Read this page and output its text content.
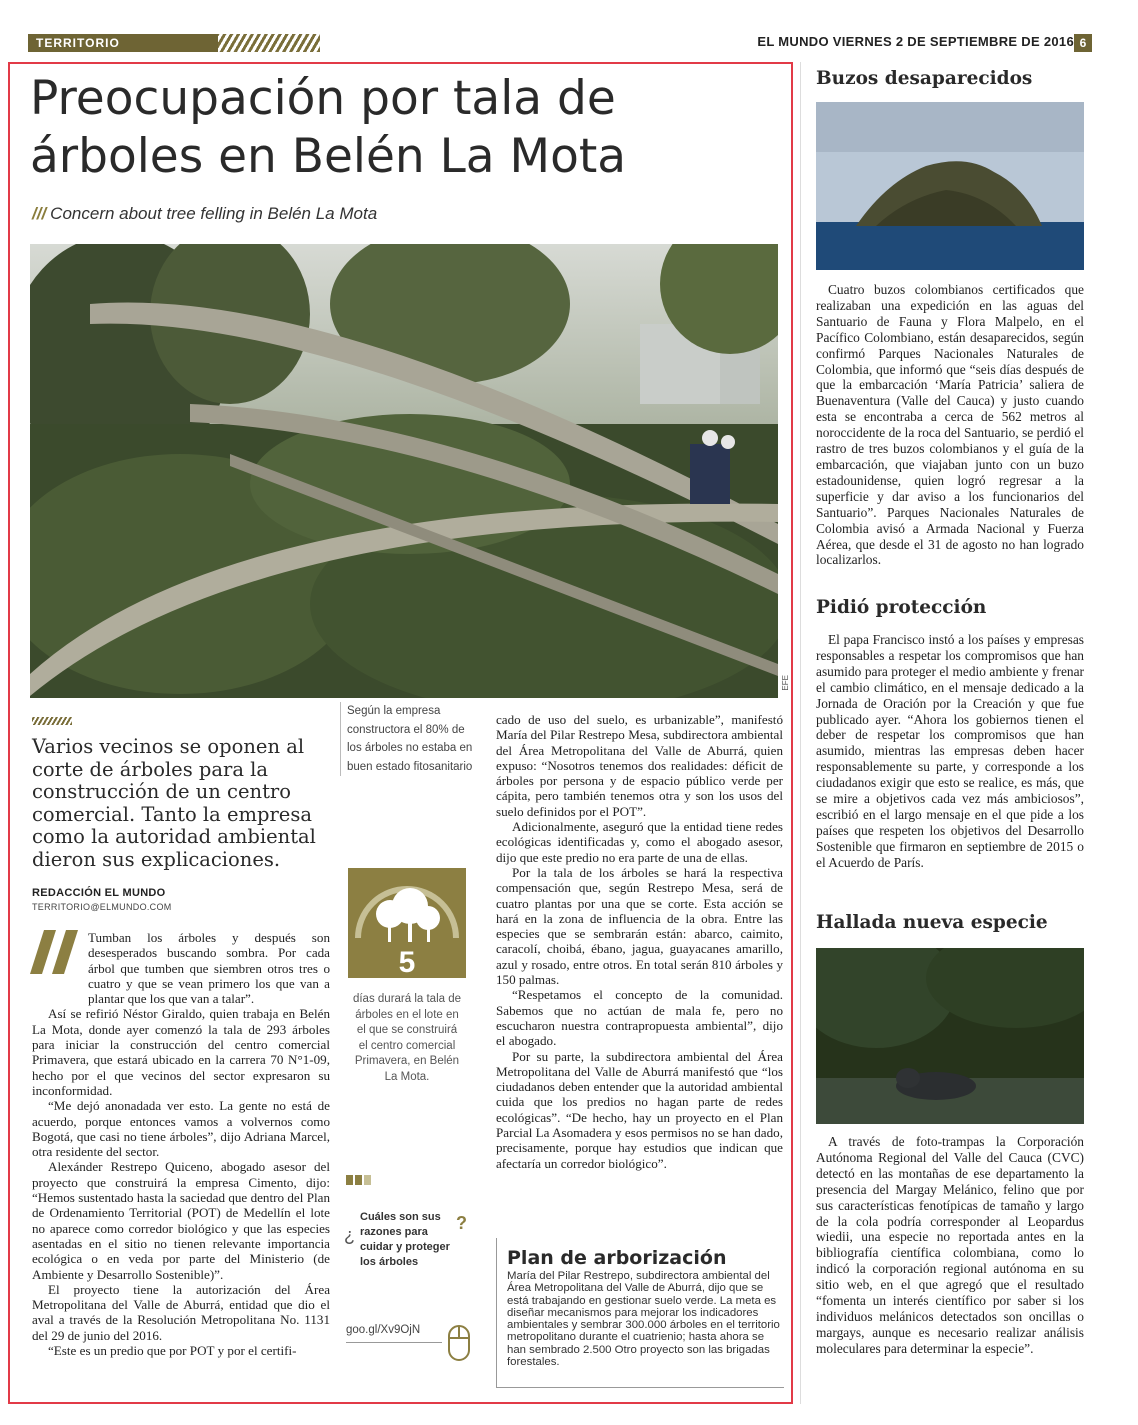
TERRITORIO	EL MUNDO VIERNES 2 DE SEPTIEMBRE DE 2016 6
Preocupación por tala de árboles en Belén La Mota
/// Concern about tree felling in Belén La Mota
EFE
Según la empresa constructora el 80% de los árboles no estaba en buen estado fitosanitario
Varios vecinos se oponen al corte de árboles para la construcción de un centro comercial. Tanto la empresa como la autoridad ambiental dieron sus explicaciones.
REDACCIÓN EL MUNDO
TERRITORIO@ELMUNDO.COM

Tumban los árboles y después son desesperados buscando sombra. Por cada árbol que tumben que siembren otros tres o cuatro y que se vean primero los que van a plantar que los que van a talar”.

Así se refirió Néstor Giraldo, quien trabaja en Belén La Mota, donde ayer comenzó la tala de 293 árboles para iniciar la construcción del centro comercial Primavera, que estará ubicado en la carrera 70 N°1-09, hecho por el que vecinos del sector expresaron su inconformidad.

“Me dejó anonadada ver esto. La gente no está de acuerdo, porque entonces vamos a volvernos como Bogotá, que casi no tiene árboles”, dijo Adriana Marcel, otra residente del sector.

Alexánder Restrepo Quiceno, abogado asesor del proyecto que construirá la empresa Cimento, dijo: “Hemos sustentado hasta la saciedad que dentro del Plan de Ordenamiento Territorial (POT) de Medellín el lote no aparece como corredor biológico y que las especies asentadas en el sitio no tienen relevante importancia ecológica o en veda por parte del Ministerio (de Ambiente y Desarrollo Sostenible)”.

El proyecto tiene la autorización del Área Metropolitana del Valle de Aburrá, entidad que dio el aval a través de la Resolución Metropolitana No. 1131 del 29 de junio del 2016.

“Este es un predio que por POT y por el certifi-

5
días durará la tala de árboles en el lote en el que se construirá el centro comercial Primavera, en Belén La Mota.
¿
Cuáles son sus razones para cuidar y proteger los árboles
?
goo.gl/Xv9OjN

cado de uso del suelo, es urbanizable”, manifestó María del Pilar Restrepo Mesa, subdirectora ambiental del Área Metropolitana del Valle de Aburrá, quien expuso: “Nosotros tenemos dos realidades: déficit de árboles por persona y de espacio público verde per cápita, pero también tenemos otra y son los usos del suelo definidos por el POT”.

Adicionalmente, aseguró que la entidad tiene redes ecológicas identificadas y, como el abogado asesor, dijo que este predio no era parte de una de ellas.

Por la tala de los árboles se hará la respectiva compensación que, según Restrepo Mesa, será de cuatro plantas por una que se corte. Esta acción se hará en la zona de influencia de la obra. Entre las especies que se sembrarán están: abarco, caimito, caracolí, choibá, ébano, jagua, guayacanes amarillo, azul y rosado, entre otros. En total serán 810 árboles y 150 palmas.

“Respetamos el concepto de la comunidad. Sabemos que no actúan de mala fe, pero no escucharon nuestra contrapropuesta ambiental”, dijo el abogado.

Por su parte, la subdirectora ambiental del Área Metropolitana del Valle de Aburrá manifestó que “los ciudadanos deben entender que la autoridad ambiental cuida que los predios no hagan parte de redes ecológicas”. “De hecho, hay un proyecto en el Plan Parcial La Asomadera y esos permisos no se han dado, precisamente, porque hay estudios que indican que afectaría un corredor biológico”.

Plan de arborización

María del Pilar Restrepo, subdirectora ambiental del Área Metropolitana del Valle de Aburrá, dijo que se está trabajando en gestionar suelo verde. La meta es diseñar mecanismos para mejorar los indicadores ambientales y sembrar 300.000 árboles en el territorio metropolitano durante el cuatrienio; hasta ahora se han sembrado 2.500 Otro proyecto son las brigadas forestales.

Buzos desaparecidos

Cuatro buzos colombianos certificados que realizaban una expedición en las aguas del Santuario de Fauna y Flora Malpelo, en el Pacífico Colombiano, están desaparecidos, según confirmó Parques Nacionales Naturales de Colombia, que informó que “seis días después de que la embarcación ‘María Patricia’ saliera de Buenaventura (Valle del Cauca) y justo cuando esta se encontraba a cerca de 562 metros al noroccidente de la roca del Santuario, se perdió el rastro de tres buzos colombianos y el guía de la embarcación, que viajaban junto con un buzo estadounidense, quien logró regresar a la superficie y dar aviso a los funcionarios del Santuario”. Parques Nacionales Naturales de Colombia avisó a Armada Nacional y Fuerza Aérea, que desde el 31 de agosto no han logrado localizarlos.

Pidió protección

El papa Francisco instó a los países y empresas responsables a respetar los compromisos que han asumido para proteger el medio ambiente y frenar el cambio climático, en el mensaje dedicado a la Jornada de Oración por la Creación y que fue publicado ayer. “Ahora los gobiernos tienen el deber de respetar los compromisos que han asumido, mientras las empresas deben hacer responsablemente su parte, y corresponde a los ciudadanos exigir que esto se realice, es más, que se mire a objetivos cada vez más ambiciosos”, escribió en el largo mensaje en el que pide a los países que respeten los objetivos del Desarrollo Sostenible que firmaron en septiembre de 2015 o el Acuerdo de París.

Hallada nueva especie

A través de foto-trampas la Corporación Autónoma Regional del Valle del Cauca (CVC) detectó en las montañas de ese departamento la presencia del Margay Melánico, felino que por sus características fenotípicas de tamaño y largo de la cola podría corresponder al Leopardus wiedii, una especie no reportada antes en la bibliografía científica colombiana, como lo indicó la corporación regional autónoma en su sitio web, en el que agregó que el resultado “fomenta un interés científico por saber si los individuos melánicos detectados son oncillas o margays, aunque es necesario realizar análisis moleculares para determinar la especie”.
